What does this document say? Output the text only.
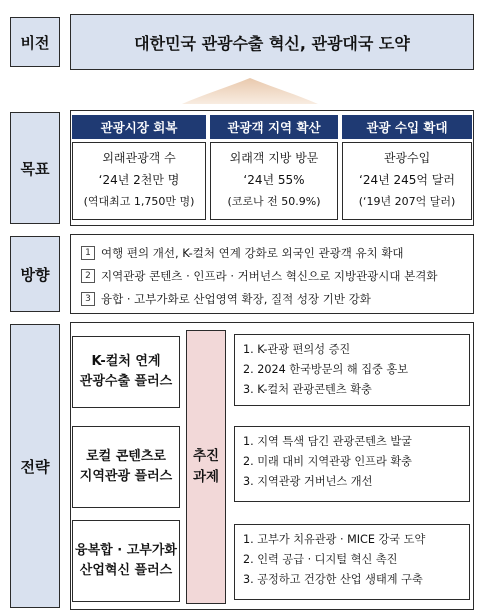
비전	대한민국 관광수출 혁신, 관광대국 도약
목표
관광시장 회복
외래관광객 수
‘24년 2천만 명
(역대최고 1,750만 명)
관광객 지역 확산
외래객 지방 방문
‘24년 55%
(코로나 전 50.9%)
관광 수입 확대
관광수입
‘24년 245억 달러
(‘19년 207억 달러)
방향
1 여행 편의 개선, K-컬처 연계 강화로 외국인 관광객 유치 확대
2 지역관광 콘텐츠 · 인프라 · 거버넌스 혁신으로 지방관광시대 본격화
3 융합 · 고부가화로 산업영역 확장, 질적 성장 기반 강화
전략
K-컬처 연계
관광수출 플러스
로컬 콘텐츠로
지역관광 플러스
융복합 · 고부가화
산업혁신 플러스
추진
과제
1. K-관광 편의성 증진
2. 2024 한국방문의 해 집중 홍보
3. K-컬처 관광콘텐츠 확충
1. 지역 특색 담긴 관광콘텐츠 발굴
2. 미래 대비 지역관광 인프라 확충
3. 지역관광 거버넌스 개선
1. 고부가 치유관광 · MICE 강국 도약
2. 인력 공급 · 디지털 혁신 촉진
3. 공정하고 건강한 산업 생태계 구축
